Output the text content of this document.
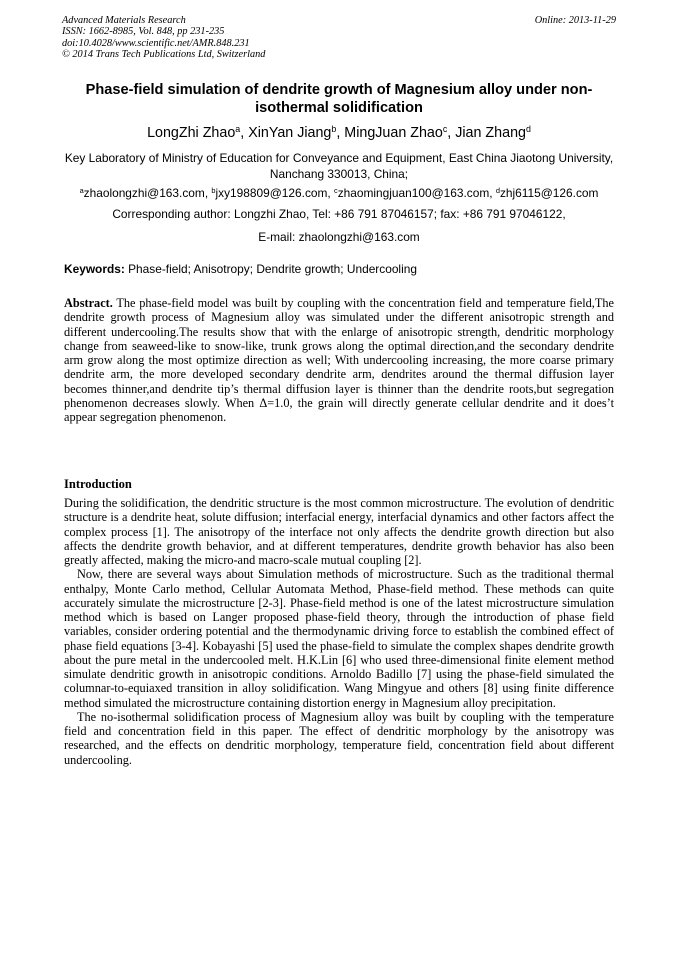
Advanced Materials Research
ISSN: 1662-8985, Vol. 848, pp 231-235
doi:10.4028/www.scientific.net/AMR.848.231
© 2014 Trans Tech Publications Ltd, Switzerland
Online: 2013-11-29
Phase-field simulation of dendrite growth of Magnesium alloy under non-isothermal solidification
LongZhi Zhao$^a$, XinYan Jiang$^b$, MingJuan Zhao$^c$, Jian Zhang$^d$
Key Laboratory of Ministry of Education for Conveyance and Equipment, East China Jiaotong University, Nanchang 330013, China;
$^a$zhaolongzhi@163.com, $^b$jxy198809@126.com, $^c$zhaomingjuan100@163.com, $^d$zhj6115@126.com
Corresponding author: Longzhi Zhao, Tel: +86 791 87046157; fax: +86 791 97046122,
E-mail: zhaolongzhi@163.com
Keywords: Phase-field; Anisotropy; Dendrite growth; Undercooling
Abstract. The phase-field model was built by coupling with the concentration field and temperature field,The dendrite growth process of Magnesium alloy was simulated under the different anisotropic strength and different undercooling.The results show that with the enlarge of anisotropic strength, dendritic morphology change from seaweed-like to snow-like, trunk grows along the optimal direction,and the secondary dendrite arm grow along the most optimize direction as well; With undercooling increasing, the more coarse primary dendrite arm, the more developed secondary dendrite arm, dendrites around the thermal diffusion layer becomes thinner,and dendrite tip’s thermal diffusion layer is thinner than the dendrite roots,but segregation phenomenon decreases slowly. When Δ=1.0, the grain will directly generate cellular dendrite and it does’t appear segregation phenomenon.
Introduction

During the solidification, the dendritic structure is the most common microstructure. The evolution of dendritic structure is a dendrite heat, solute diffusion; interfacial energy, interfacial dynamics and other factors affect the complex process [1]. The anisotropy of the interface not only affects the dendrite growth direction but also affects the dendrite growth behavior, and at different temperatures, dendrite growth behavior has also been greatly affected, making the micro-and macro-scale mutual coupling [2].

Now, there are several ways about Simulation methods of microstructure. Such as the traditional thermal enthalpy, Monte Carlo method, Cellular Automata Method, Phase-field method. These methods can quite accurately simulate the microstructure [2-3]. Phase-field method is one of the latest microstructure simulation method which is based on Langer proposed phase-field theory, through the introduction of phase field variables, consider ordering potential and the thermodynamic driving force to establish the combined effect of phase field equations [3-4]. Kobayashi [5] used the phase-field to simulate the complex shapes dendrite growth about the pure metal in the undercooled melt. H.K.Lin [6] who used three-dimensional finite element method simulate dendritic growth in anisotropic conditions. Arnoldo Badillo [7] using the phase-field simulated the columnar-to-equiaxed transition in alloy solidification. Wang Mingyue and others [8] using finite difference method simulated the microstructure containing distortion energy in Magnesium alloy precipitation.

The no-isothermal solidification process of Magnesium alloy was built by coupling with the temperature field and concentration field in this paper. The effect of dendritic morphology by the anisotropy was researched, and the effects on dendritic morphology, temperature field, concentration field about different undercooling.
